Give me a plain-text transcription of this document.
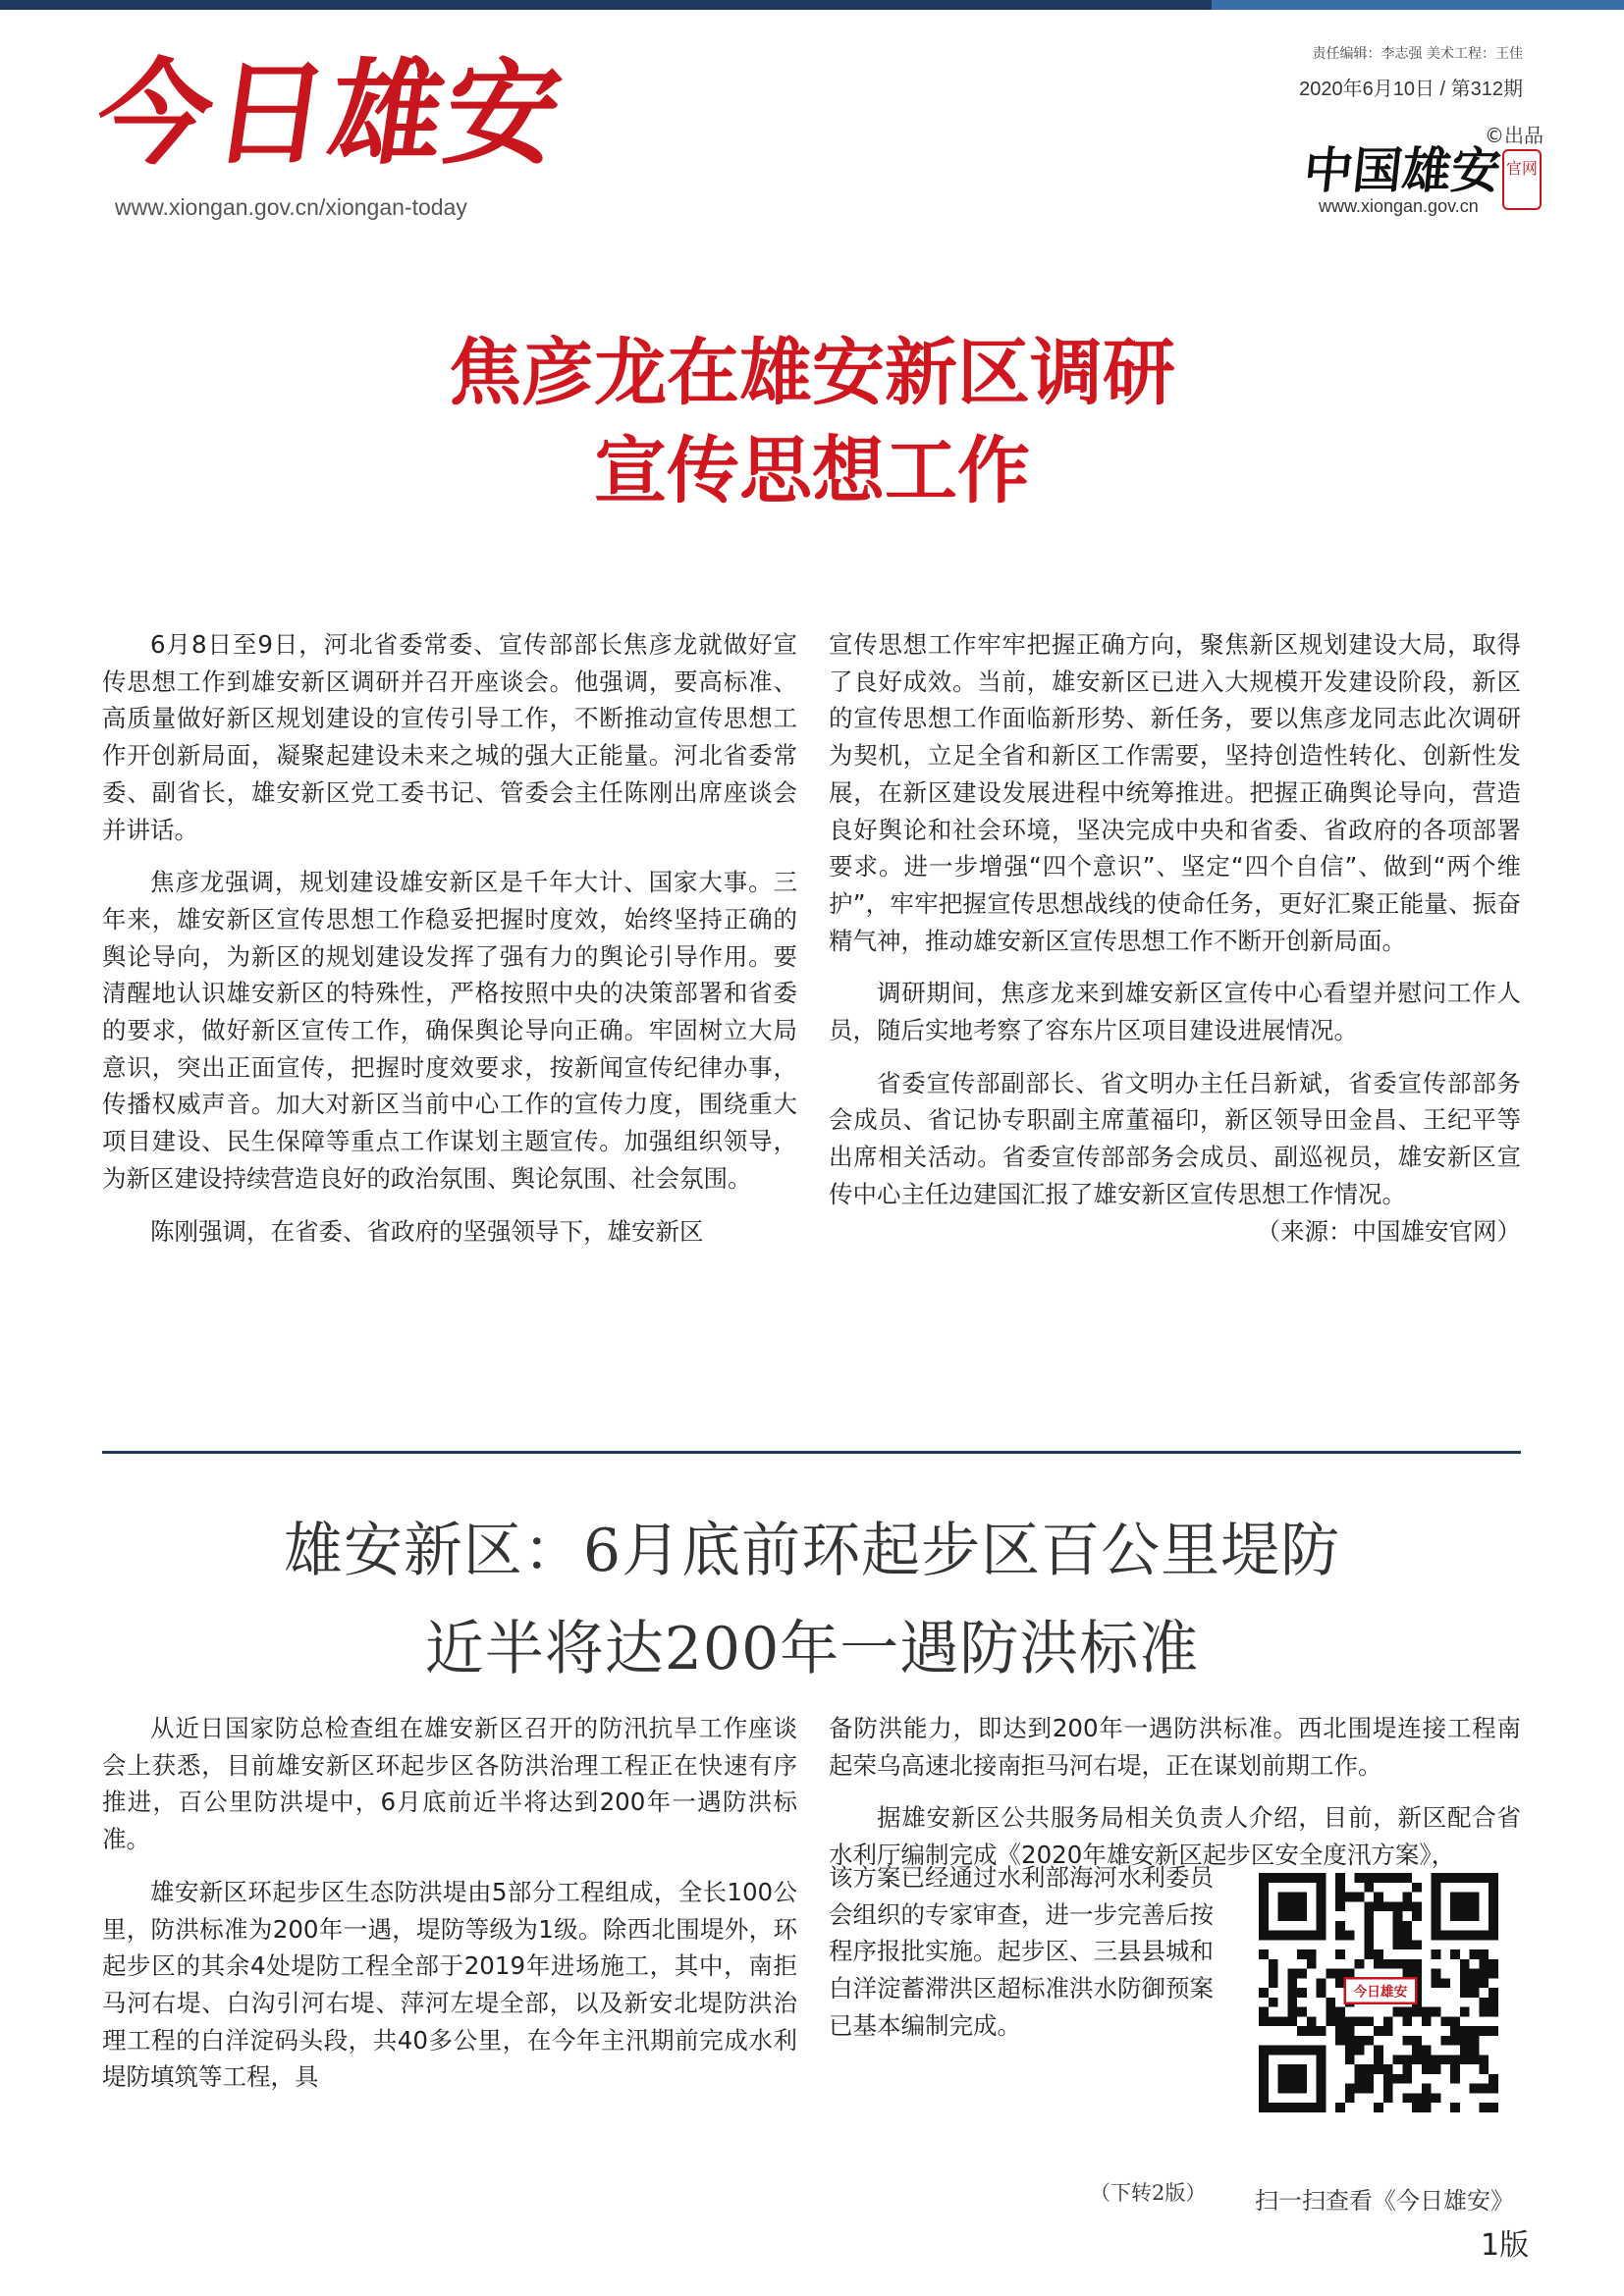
今日雄安
www.xiongan.gov.cn/xiongan-today
责任编辑：李志强 美术工程：王佳
2020年6月10日 / 第312期
©出品
中国雄安 官网
www.xiongan.gov.cn
焦彦龙在雄安新区调研
宣传思想工作

6月8日至9日，河北省委常委、宣传部部长焦彦龙就做好宣传思想工作到雄安新区调研并召开座谈会。他强调，要高标准、高质量做好新区规划建设的宣传引导工作，不断推动宣传思想工作开创新局面，凝聚起建设未来之城的强大正能量。河北省委常委、副省长，雄安新区党工委书记、管委会主任陈刚出席座谈会并讲话。

焦彦龙强调，规划建设雄安新区是千年大计、国家大事。三年来，雄安新区宣传思想工作稳妥把握时度效，始终坚持正确的舆论导向，为新区的规划建设发挥了强有力的舆论引导作用。要清醒地认识雄安新区的特殊性，严格按照中央的决策部署和省委的要求，做好新区宣传工作，确保舆论导向正确。牢固树立大局意识，突出正面宣传，把握时度效要求，按新闻宣传纪律办事，传播权威声音。加大对新区当前中心工作的宣传力度，围绕重大项目建设、民生保障等重点工作谋划主题宣传。加强组织领导，为新区建设持续营造良好的政治氛围、舆论氛围、社会氛围。

陈刚强调，在省委、省政府的坚强领导下，雄安新区

宣传思想工作牢牢把握正确方向，聚焦新区规划建设大局，取得了良好成效。当前，雄安新区已进入大规模开发建设阶段，新区的宣传思想工作面临新形势、新任务，要以焦彦龙同志此次调研为契机，立足全省和新区工作需要，坚持创造性转化、创新性发展，在新区建设发展进程中统筹推进。把握正确舆论导向，营造良好舆论和社会环境，坚决完成中央和省委、省政府的各项部署要求。进一步增强“四个意识”、坚定“四个自信”、做到“两个维护”，牢牢把握宣传思想战线的使命任务，更好汇聚正能量、振奋精气神，推动雄安新区宣传思想工作不断开创新局面。

调研期间，焦彦龙来到雄安新区宣传中心看望并慰问工作人员，随后实地考察了容东片区项目建设进展情况。

省委宣传部副部长、省文明办主任吕新斌，省委宣传部部务会成员、省记协专职副主席董福印，新区领导田金昌、王纪平等出席相关活动。省委宣传部部务会成员、副巡视员，雄安新区宣传中心主任边建国汇报了雄安新区宣传思想工作情况。

（来源：中国雄安官网）
雄安新区：6月底前环起步区百公里堤防
近半将达200年一遇防洪标准

从近日国家防总检查组在雄安新区召开的防汛抗旱工作座谈会上获悉，目前雄安新区环起步区各防洪治理工程正在快速有序推进，百公里防洪堤中，6月底前近半将达到200年一遇防洪标准。

雄安新区环起步区生态防洪堤由5部分工程组成，全长100公里，防洪标准为200年一遇，堤防等级为1级。除西北围堤外，环起步区的其余4处堤防工程全部于2019年进场施工，其中，南拒马河右堤、白沟引河右堤、萍河左堤全部，以及新安北堤防洪治理工程的白洋淀码头段，共40多公里，在今年主汛期前完成水利堤防填筑等工程，具

备防洪能力，即达到200年一遇防洪标准。西北围堤连接工程南起荣乌高速北接南拒马河右堤，正在谋划前期工作。

据雄安新区公共服务局相关负责人介绍，目前，新区配合省水利厅编制完成《2020年雄安新区起步区安全度汛方案》，

该方案已经通过水利部海河水利委员会组织的专家审查，进一步完善后按程序报批实施。起步区、三县县城和白洋淀蓄滞洪区超标准洪水防御预案已基本编制完成。
（下转2版）
今日雄安
扫一扫查看《今日雄安》
1版
